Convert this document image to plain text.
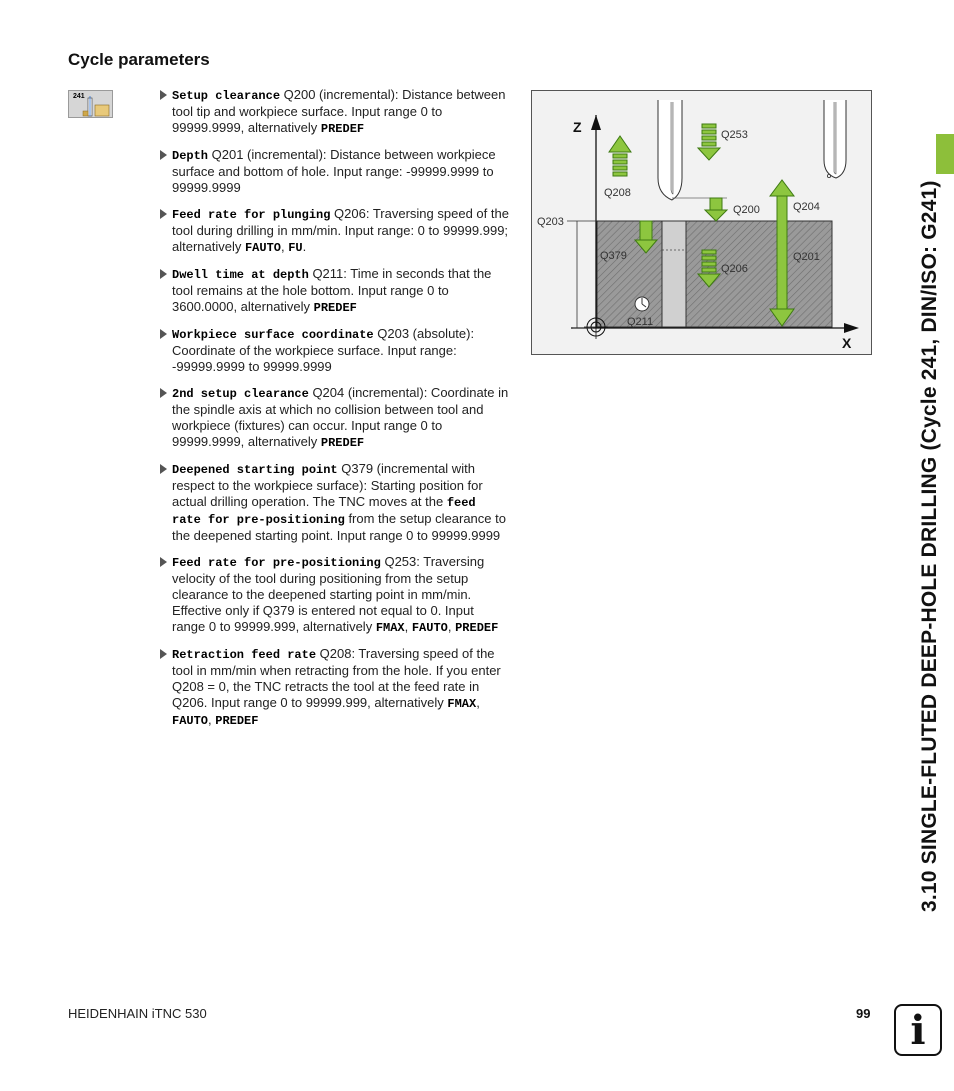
Cycle parameters
241	Setup clearance Q200 (incremental): Distance between tool tip and workpiece surface. Input range 0 to 99999.9999, alternatively PREDEF
Depth Q201 (incremental): Distance between workpiece surface and bottom of hole. Input range: -99999.9999 to 99999.9999
Feed rate for plunging Q206: Traversing speed of the tool during drilling in mm/min. Input range: 0 to 99999.999; alternatively FAUTO, FU.
Dwell time at depth Q211: Time in seconds that the tool remains at the hole bottom. Input range 0 to 3600.0000, alternatively PREDEF
Workpiece surface coordinate Q203 (absolute): Coordinate of the workpiece surface. Input range: -99999.9999 to 99999.9999
2nd setup clearance Q204 (incremental): Coordinate in the spindle axis at which no collision between tool and workpiece (fixtures) can occur. Input range 0 to 99999.9999, alternatively PREDEF
Deepened starting point Q379 (incremental with respect to the workpiece surface): Starting position for actual drilling operation. The TNC moves at the feed rate for pre-positioning from the setup clearance to the deepened starting point. Input range 0 to 99999.9999
Feed rate for pre-positioning Q253: Traversing velocity of the tool during positioning from the setup clearance to the deepened starting point in mm/min. Effective only if Q379 is entered not equal to 0. Input range 0 to 99999.999, alternatively FMAX, FAUTO, PREDEF
Retraction feed rate Q208: Traversing speed of the tool in mm/min when retracting from the hole. If you enter Q208 = 0, the TNC retracts the tool at the feed rate in Q206. Input range 0 to 99999.999, alternatively FMAX, FAUTO, PREDEF
Z
X
Q253
Q208
Q200	Q204
Q203
Q379
Q206
Q201
Q211	3.10 SINGLE-FLUTED DEEP-HOLE DRILLING (Cycle 241, DIN/ISO: G241)
HEIDENHAIN iTNC 530	99 i
